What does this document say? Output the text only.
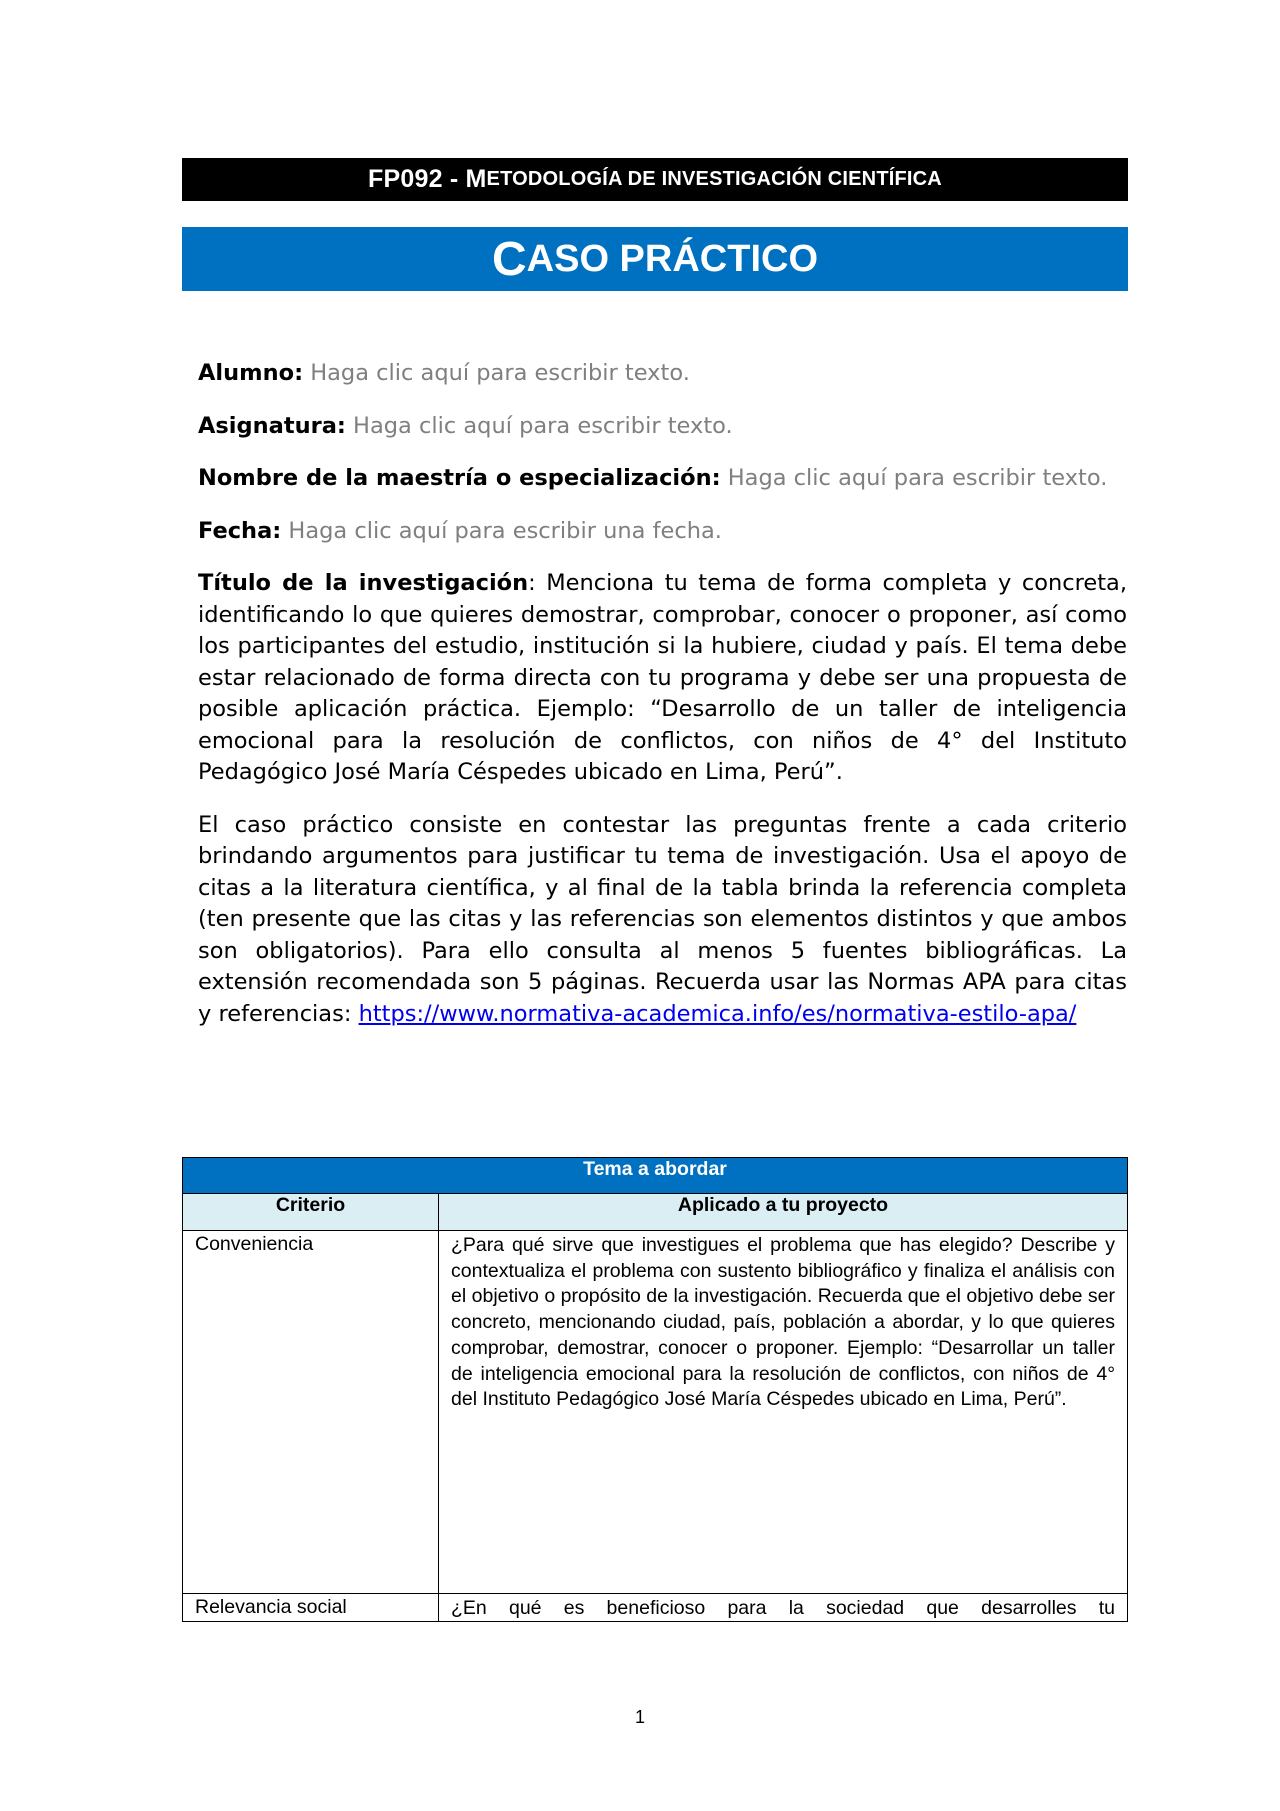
FP092 - M ETODOLOGÍA DE INVESTIGACIÓN CIENTÍFICA
C ASO PRÁCTICO

Alumno: Haga clic aquí para escribir texto.

Asignatura: Haga clic aquí para escribir texto.

Nombre de la maestría o especialización: Haga clic aquí para escribir texto.

Fecha: Haga clic aquí para escribir una fecha.

Título de la investigación: Menciona tu tema de forma completa y concreta, identificando lo que quieres demostrar, comprobar, conocer o proponer, así como los participantes del estudio, institución si la hubiere, ciudad y país. El tema debe estar relacionado de forma directa con tu programa y debe ser una propuesta de posible aplicación práctica. Ejemplo: “Desarrollo de un taller de inteligencia emocional para la resolución de conflictos, con niños de 4° del Instituto Pedagógico José María Céspedes ubicado en Lima, Perú”.

El caso práctico consiste en contestar las preguntas frente a cada criterio brindando argumentos para justificar tu tema de investigación. Usa el apoyo de citas a la literatura científica, y al final de la tabla brinda la referencia completa (ten presente que las citas y las referencias son elementos distintos y que ambos son obligatorios). Para ello consulta al menos 5 fuentes bibliográficas. La extensión recomendada son 5 páginas. Recuerda usar las Normas APA para citas y referencias: https://www.normativa-academica.info/es/normativa-estilo-apa/

Tema a abordar	
Criterio	Aplicado a tu proyecto

Conveniencia	¿Para qué sirve que investigues el problema que has elegido? Describe y contextualiza el problema con sustento bibliográfico y finaliza el análisis con el objetivo o propósito de la investigación. Recuerda que el objetivo debe ser concreto, mencionando ciudad, país, población a abordar, y lo que quieres comprobar, demostrar, conocer o proponer. Ejemplo: “Desarrollar un taller de inteligencia emocional para la resolución de conflictos, con niños de 4° del Instituto Pedagógico José María Céspedes ubicado en Lima, Perú”.

Relevancia social	¿En qué es beneficioso para la sociedad que desarrolles tu
1
